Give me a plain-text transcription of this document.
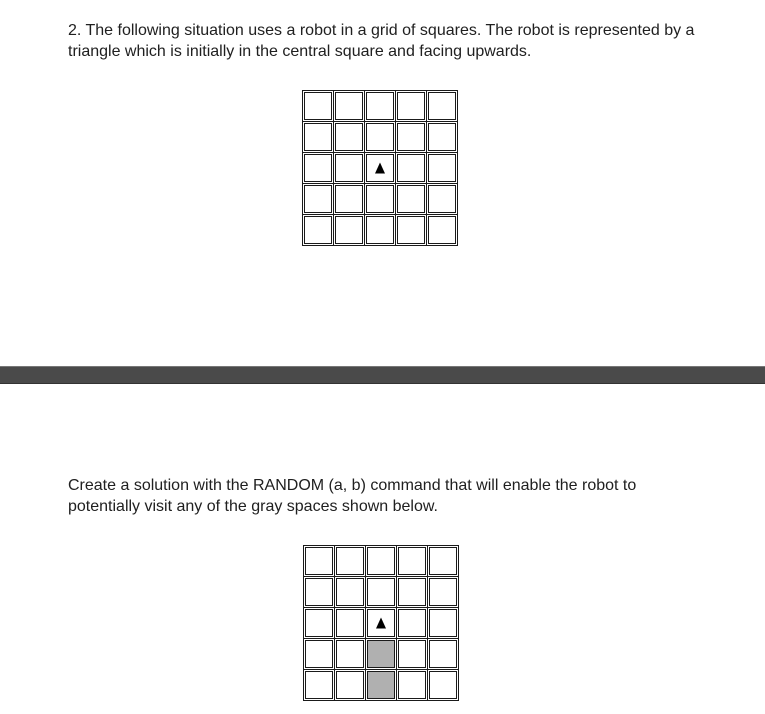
2. The following situation uses a robot in a grid of squares. The robot is represented by a triangle which is initially in the central square and facing upwards.

Create a solution with the RANDOM (a, b) command that will enable the robot to potentially visit any of the gray spaces shown below.
